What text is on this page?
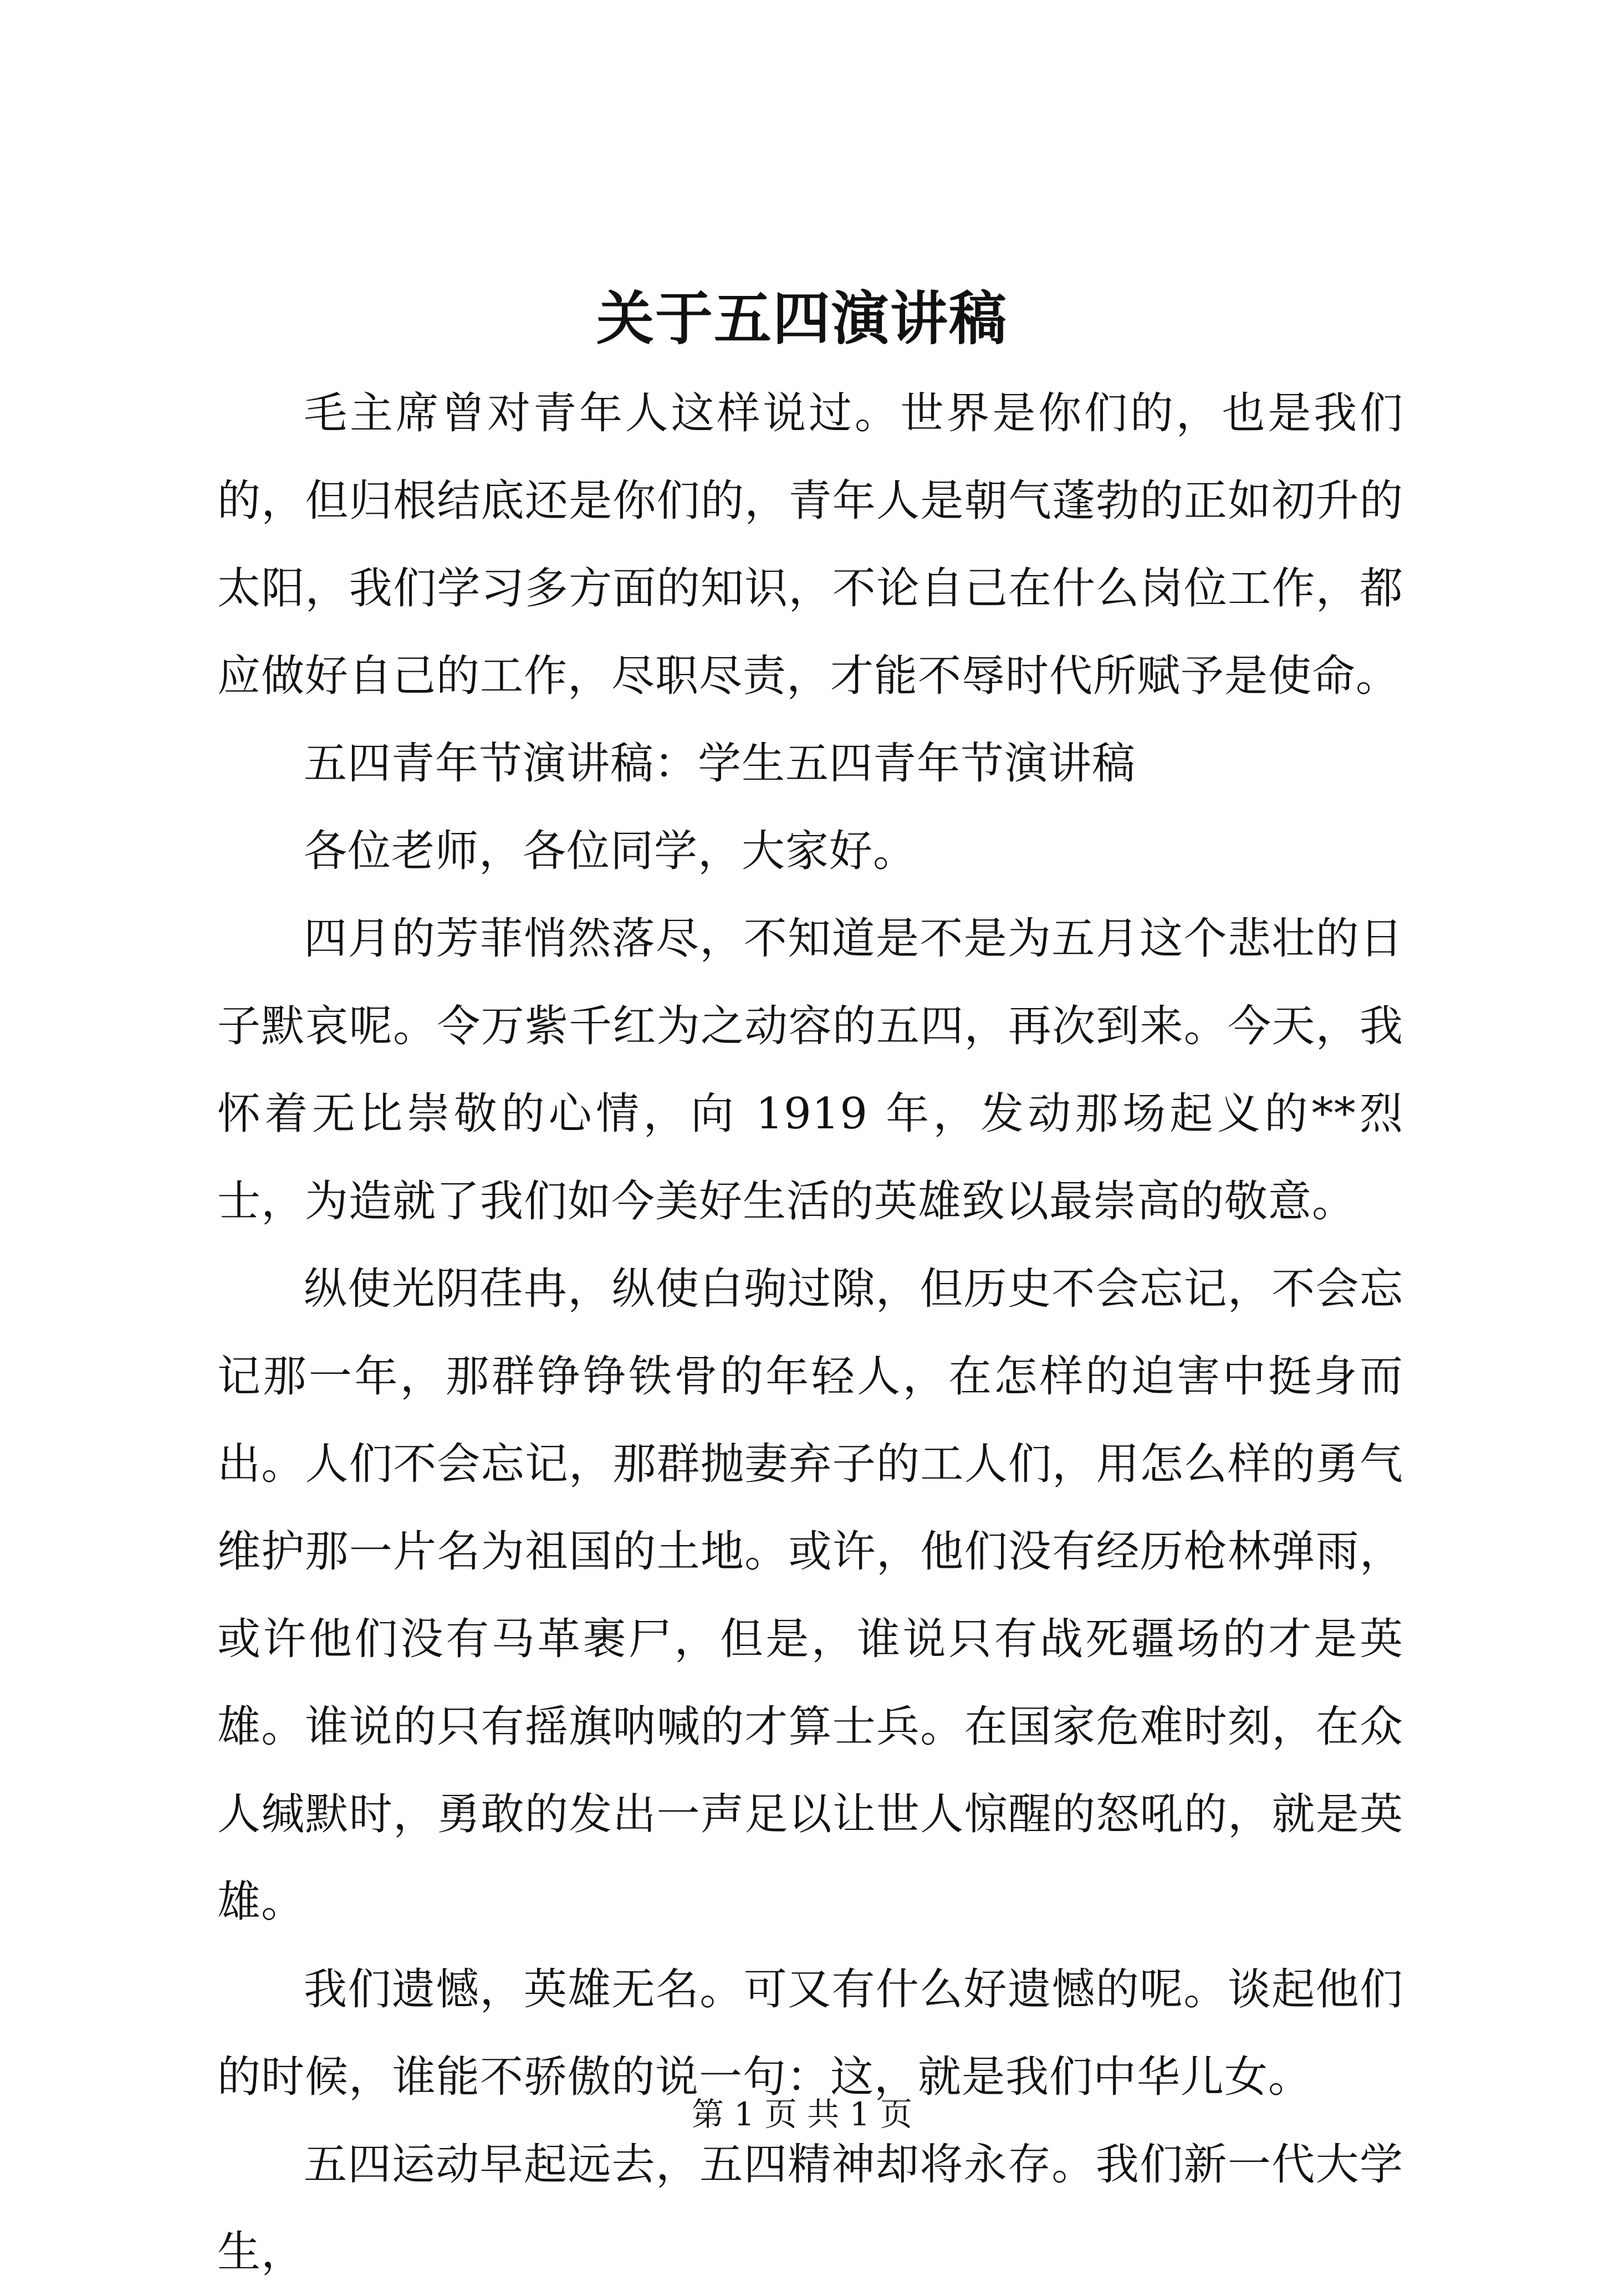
关于五四演讲稿

毛主席曾对青年人这样说过。世界是你们的，也是我们的，但归根结底还是你们的，青年人是朝气蓬勃的正如初升的太阳，我们学习多方面的知识，不论自己在什么岗位工作，都应做好自己的工作，尽职尽责，才能不辱时代所赋予是使命。

五四青年节演讲稿：学生五四青年节演讲稿

各位老师，各位同学，大家好。

四月的芳菲悄然落尽，不知道是不是为五月这个悲壮的日子默哀呢。令万紫千红为之动容的五四，再次到来。今天，我怀着无比崇敬的心情，向 1919 年，发动那场起义的**烈士，为造就了我们如今美好生活的英雄致以最崇高的敬意。

纵使光阴荏冉，纵使白驹过隙，但历史不会忘记，不会忘记那一年，那群铮铮铁骨的年轻人，在怎样的迫害中挺身而出。人们不会忘记，那群抛妻弃子的工人们，用怎么样的勇气维护那一片名为祖国的土地。或许，他们没有经历枪林弹雨，或许他们没有马革裹尸，但是，谁说只有战死疆场的才是英雄。谁说的只有摇旗呐喊的才算士兵。在国家危难时刻，在众人缄默时，勇敢的发出一声足以让世人惊醒的怒吼的，就是英雄。

我们遗憾，英雄无名。可又有什么好遗憾的呢。谈起他们的时候，谁能不骄傲的说一句：这，就是我们中华儿女。

五四运动早起远去，五四精神却将永存。我们新一代大学生，

第 1 页 共 1 页
